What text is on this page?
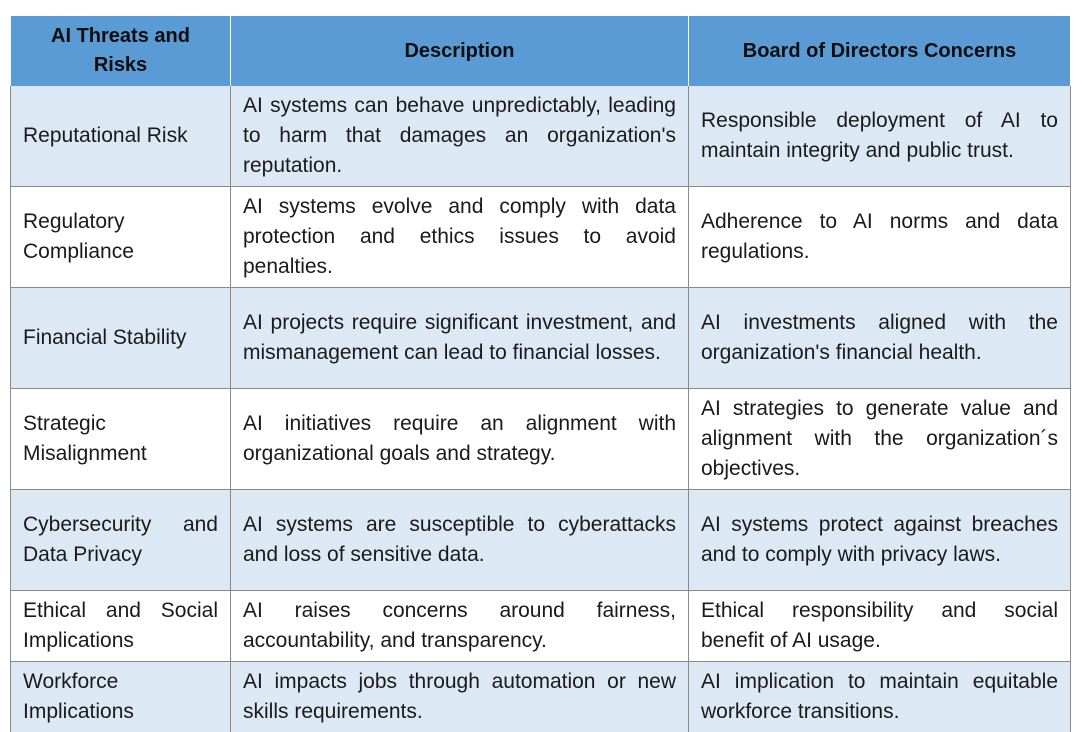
AI Threats and Risks	Description	Board of Directors Concerns
Reputational Risk	AI systems can behave unpredictably, leading to harm that damages an organization's reputation.	Responsible deployment of AI to maintain integrity and public trust.
Regulatory Compliance	AI systems evolve and comply with data protection and ethics issues to avoid penalties.	Adherence to AI norms and data regulations.
Financial Stability	AI projects require significant investment, and mismanagement can lead to financial losses.	AI investments aligned with the organization's financial health.
Strategic Misalignment	AI initiatives require an alignment with organizational goals and strategy.	AI strategies to generate value and alignment with the organization´s objectives.
Cybersecurity and Data Privacy	AI systems are susceptible to cyberattacks and loss of sensitive data.	AI systems protect against breaches and to comply with privacy laws.
Ethical and Social Implications	AI raises concerns around fairness, accountability, and transparency.	Ethical responsibility and social benefit of AI usage.
Workforce Implications	AI impacts jobs through automation or new skills requirements.	AI implication to maintain equitable workforce transitions.
